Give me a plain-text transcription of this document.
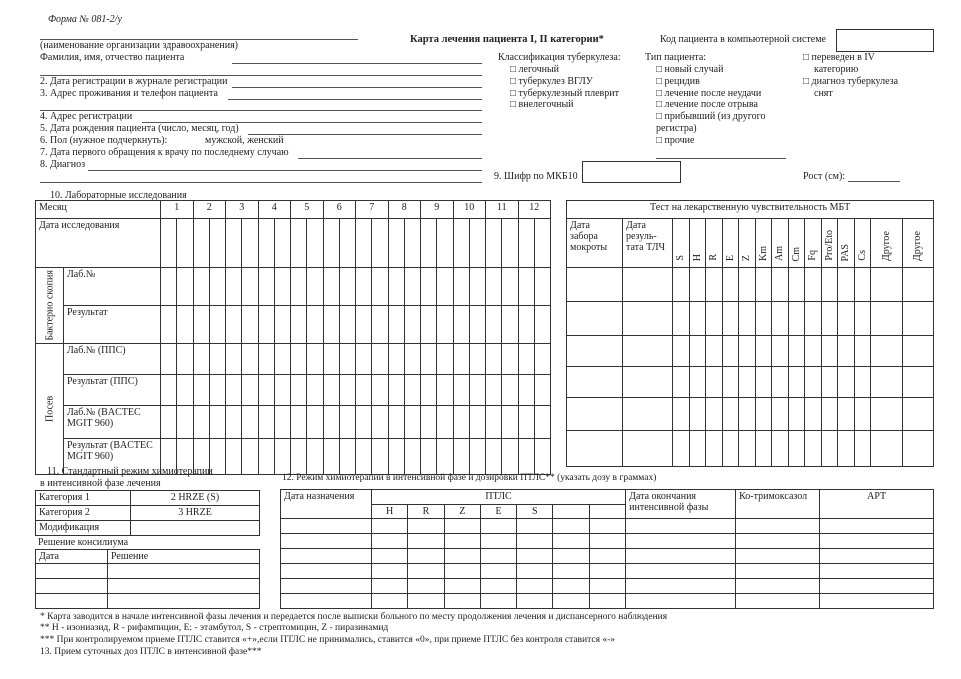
Форма № 081-2/у
(наименование организации здравоохранения)
Карта лечения пациента I, II категории*	Код пациента в компьютерной системе
Фамилия, имя, отчество пациента
2. Дата регистрации в журнале регистрации
3. Адрес проживания и телефон пациента
4. Адрес регистрации
5. Дата рождения пациента (число, месяц, год)
6. Пол (нужное подчеркнуть):	мужской, женский
7. Дата первого обращения к врачу по последнему случаю
8. Диагноз
Классификация туберкулеза:
□ легочный
□ туберкулез ВГЛУ
□ туберкулезный плеврит
□ внелегочный
Тип пациента:
□ новый случай
□ рецидив
□ лечение после неудачи
□ лечение после отрыва
□ прибывший (из другого
регистра)
□ прочие
□ переведен в IV
категорию
□ диагноз туберкулеза
снят
9. Шифр по МКБ10	Рост (см):
10. Лабораторные исследования
Месяц		1		2		3		4		5		6		7		8		9		10		11		12	
Дата исследования																									
Бактерио скопия	Лаб.№																								
	Результат																								
Посев	Лаб.№ (ППС)																								
	Результат (ППС)																								
	Лаб.№ (BACTEC MGIT 960)																								
	Результат (BACTEC MGIT 960)																								
Тест на лекарственную чувствительность МБТ															
Дата забора мокроты	Дата резуль-тата ТЛЧ	S	H	R	E	Z	Km	Am	Cm	Fq	Pro/Eto	PAS	Cs	Другое	Другое

11. Стандартный режим химиотерапии
в интенсивной фазе лечения
Категория 1	2 HRZE (S)
Категория 2	3 HRZE
Модификация	
Решение консилиума
Дата	Решение

12. Режим химиотерапии в интенсивной фазе и дозировки ПТЛС** (указать дозу в граммах)
Дата назначения	ПТЛС							Дата окончания интенсивной фазы	Ко-тримоксазол	АРТ
	H	R	Z	E	S					

* Карта заводится в начале интенсивной фазы лечения и передается после выписки больного по месту продолжения лечения и диспансерного наблюдения
** H - изониазид, R - рифампицин, E: - этамбутол, S - стрептомицин, Z - пиразинамид
*** При контролируемом приеме ПТЛС ставится «+»,если ПТЛС не принимались, ставится «0», при приеме ПТЛС без контроля ставится «-»
13. Прием суточных доз ПТЛС в интенсивной фазе***
